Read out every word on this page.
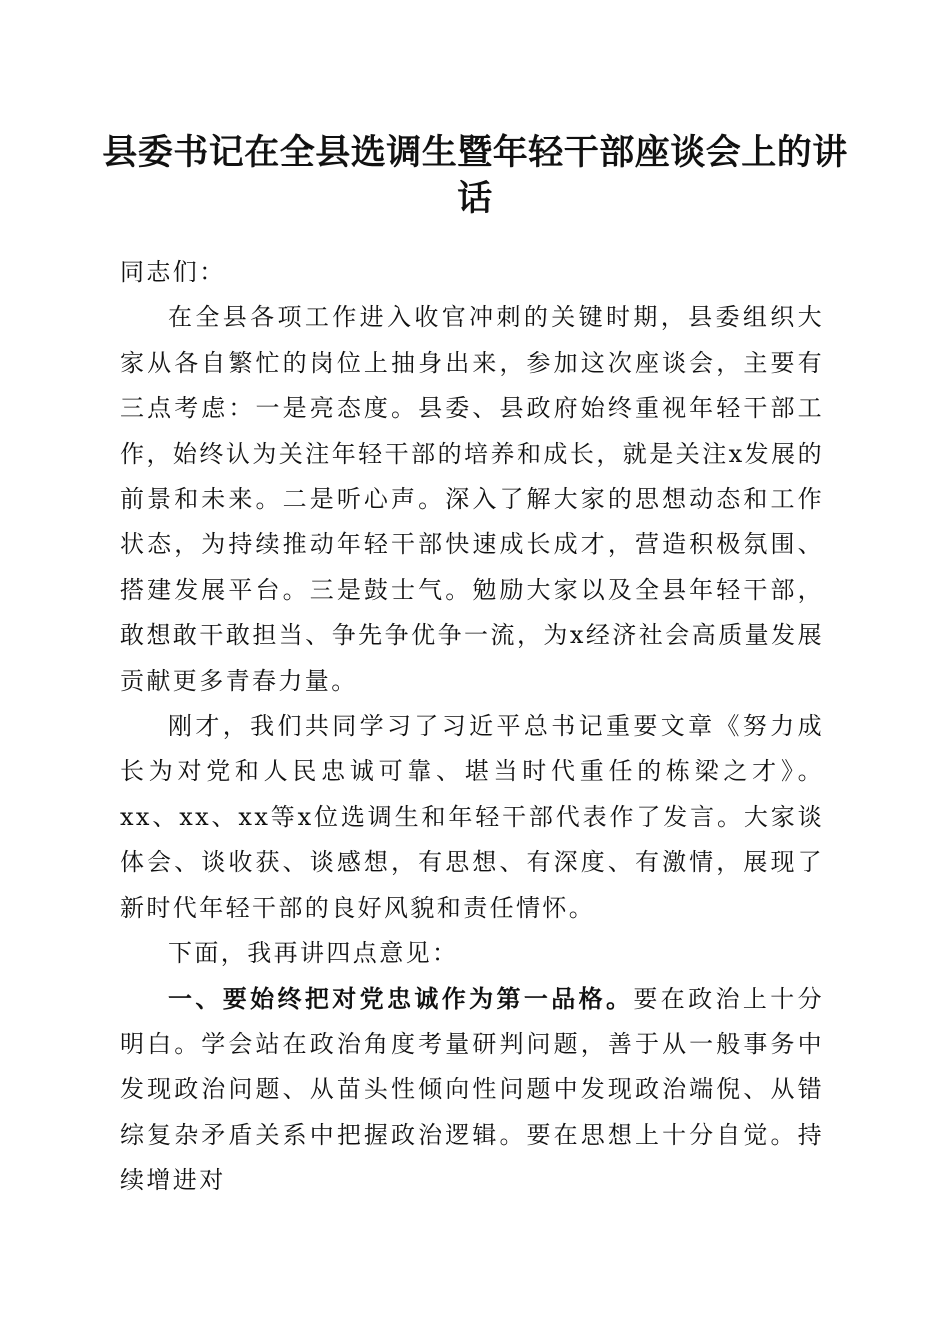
县委书记在全县选调生暨年轻干部座谈会上的讲话

同志们：

在全县各项工作进入收官冲刺的关键时期，县委组织大家从各自繁忙的岗位上抽身出来，参加这次座谈会，主要有三点考虑：一是亮态度。县委、县政府始终重视年轻干部工作，始终认为关注年轻干部的培养和成长，就是关注x发展的前景和未来。二是听心声。深入了解大家的思想动态和工作状态，为持续推动年轻干部快速成长成才，营造积极氛围、搭建发展平台。三是鼓士气。勉励大家以及全县年轻干部，敢想敢干敢担当、争先争优争一流，为x经济社会高质量发展贡献更多青春力量。

刚才，我们共同学习了习近平总书记重要文章《努力成长为对党和人民忠诚可靠、堪当时代重任的栋梁之才》。xx、xx、xx等x位选调生和年轻干部代表作了发言。大家谈体会、谈收获、谈感想，有思想、有深度、有激情，展现了新时代年轻干部的良好风貌和责任情怀。

下面，我再讲四点意见：

一、要始终把对党忠诚作为第一品格。要在政治上十分明白。学会站在政治角度考量研判问题，善于从一般事务中发现政治问题、从苗头性倾向性问题中发现政治端倪、从错综复杂矛盾关系中把握政治逻辑。要在思想上十分自觉。持续增进对
